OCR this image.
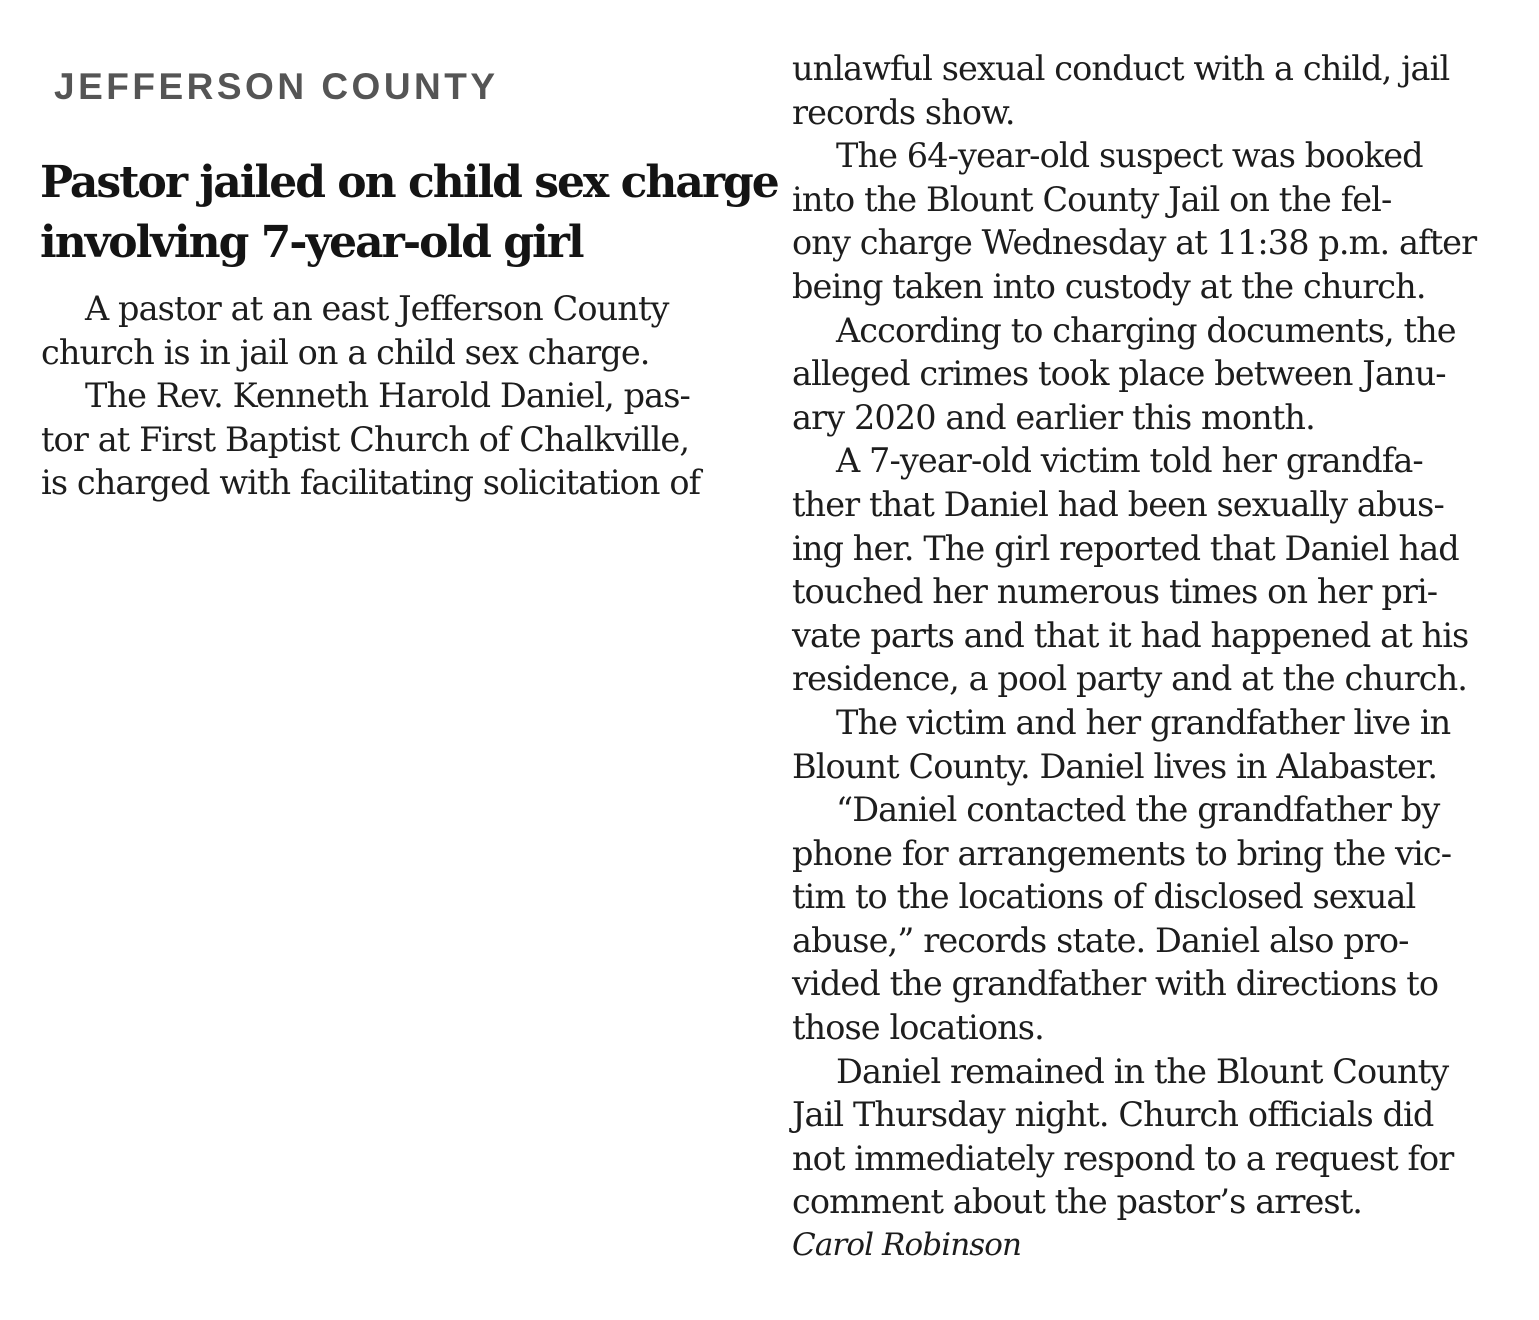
JEFFERSON COUNTY
Pastor jailed on child sex charge
involving 7-year-old girl
A pastor at an east Jefferson County
church is in jail on a child sex charge.
The Rev. Kenneth Harold Daniel, pas-
tor at First Baptist Church of Chalkville,
is charged with facilitating solicitation of
unlawful sexual conduct with a child, jail
records show.
The 64-year-old suspect was booked
into the Blount County Jail on the fel-
ony charge Wednesday at 11:38 p.m. after
being taken into custody at the church.
According to charging documents, the
alleged crimes took place between Janu-
ary 2020 and earlier this month.
A 7-year-old victim told her grandfa-
ther that Daniel had been sexually abus-
ing her. The girl reported that Daniel had
touched her numerous times on her pri-
vate parts and that it had happened at his
residence, a pool party and at the church.
The victim and her grandfather live in
Blount County. Daniel lives in Alabaster.
“Daniel contacted the grandfather by
phone for arrangements to bring the vic-
tim to the locations of disclosed sexual
abuse,” records state. Daniel also pro-
vided the grandfather with directions to
those locations.
Daniel remained in the Blount County
Jail Thursday night. Church officials did
not immediately respond to a request for
comment about the pastor’s arrest.
Carol Robinson
